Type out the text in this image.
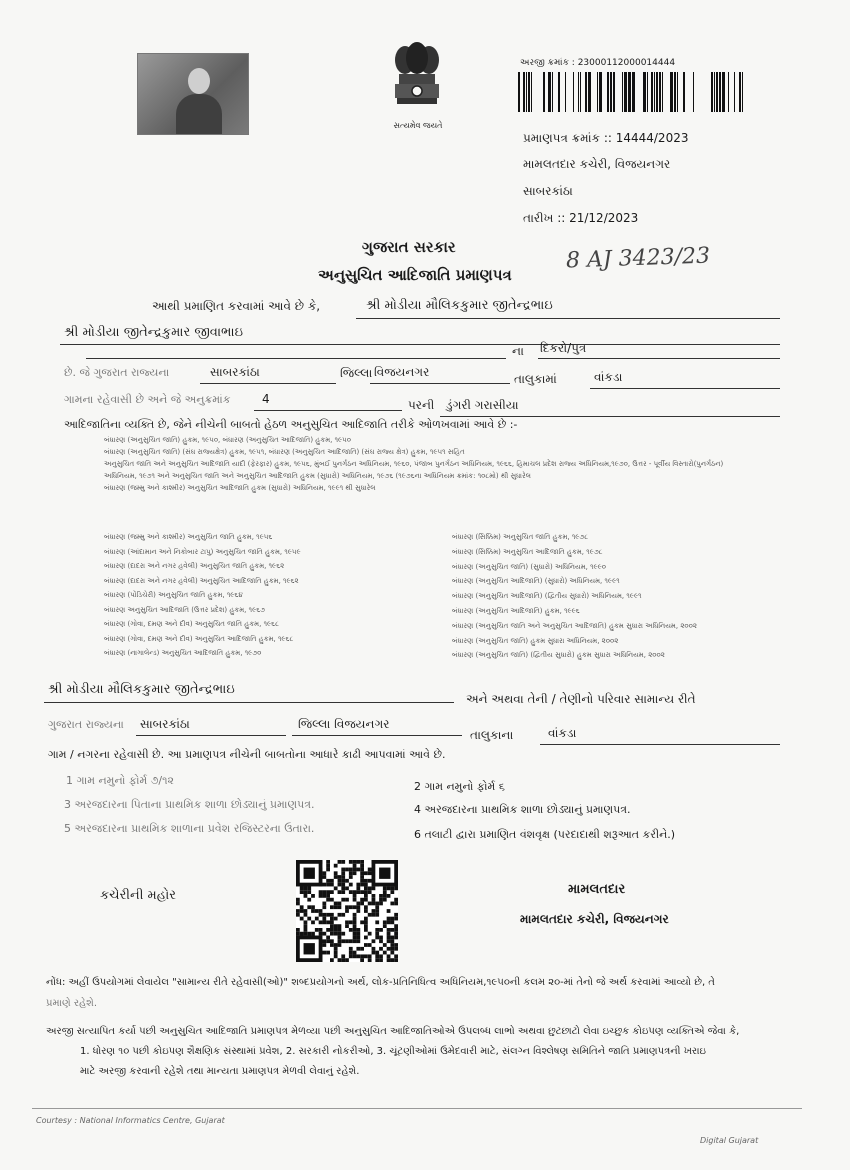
સત્યમેવ જયતે
અરજી ક્રમાંક : 23000112000014444
પ્રમાણપત્ર ક્રમાંક :: 14444/2023
મામલતદાર કચેરી, વિજયનગર
સાબરકાંઠા
તારીખ :: 21/12/2023
8 AJ 3423/23
ગુજરાત સરકાર
અનુસુચિત આદિજાતિ પ્રમાણપત્ર
આથી પ્રમાણિત કરવામાં આવે છે કે,	શ્રી મોડીયા મૌલિકકુમાર જીતેન્દ્રભાઇ
શ્રી મોડીયા જીતેન્દ્રકુમાર જીવાભાઇ
ના દિકરો/પુત્ર
છે. જે ગુજરાત રાજ્યના	સાબરકાંઠા	જિલ્લા વિજયનગર	તાલુકામાં	વાંકડા
ગામના રહેવાસી છે અને જે અનુક્રમાંક	4	પરની ડુંગરી ગરાસીયા
આદિજાતિના વ્યક્તિ છે, જેને નીચેની બાબતો હેઠળ અનુસુચિત આદિજાતિ તરીકે ઓળખવામાં આવે છે :-
બંધારણ (અનુસુચિત જાતિ) હુકમ, ૧૯૫૦, બંધારણ (અનુસુચિત આદિજાતિ) હુકમ, ૧૯૫૦
બંધારણ (અનુસુચિત જાતિ) (સંઘ રાજ્યક્ષેત્ર) હુકમ, ૧૯૫૧, બંધારણ (અનુસુચિત આદિજાતિ) (સંઘ રાજ્ય ક્ષેત્ર) હુકમ, ૧૯૫૧ સહિત
અનુસુચિત જાતિ અને અનુસુચિત આદિજાતિ યાદી (ફેરફાર) હુકમ, ૧૯૫૬, મુંબઈ પુનર્ગઠન અધિનિયમ, ૧૯૬૦, પંજાબ પુનર્ગઠન અધિનિયમ, ૧૯૬૬, હિમાચલ પ્રદેશ રાજ્ય અધિનિયમ,૧૯૭૦, ઉત્તર - પૂર્વીય વિસ્તારો(પુનર્ગઠન)
અધિનિયમ, ૧૯૭૧ અને અનુસુચિત જાતિ અને અનુસુચિત આદિજાતિ હુકમ (સુધારો) અધિનિયમ, ૧૯૭૬ (૧૯૭૬ના અધિનિયમ ક્રમાંક: ૧૦૮મો) થી સુધારેલ
બંધારણ (જમ્મુ અને કાશ્મીર) અનુસુચિત આદિજાતિ હુકમ (સુધારો) અધિનિયમ, ૧૯૯૧ થી સુધારેલ
બંધારણ (જમ્મુ અને કાશ્મીર) અનુસુચિત જાતિ હુકમ, ૧૯૫૬
બંધારણ (આંદામાન અને નિકોબાર ટાપુ) અનુસુચિત જાતિ હુકમ, ૧૯૫૯
બંધારણ (દાદરા અને નગર હવેલી) અનુસુચિત જાતિ હુકમ, ૧૯૬૨
બંધારણ (દાદરા અને નગર હવેલી) અનુસુચિત આદિજાતિ હુકમ, ૧૯૬૨
બંધારણ (પોંડિચેરી) અનુસુચિત જાતિ હુકમ, ૧૯૬૪
બંધારણ અનુસુચિત આદિજાતિ (ઉત્તર પ્રદેશ) હુકમ, ૧૯૬૭
બંધારણ (ગોવા, દમણ અને દીવ) અનુસુચિત જાતિ હુકમ, ૧૯૬૮
બંધારણ (ગોવા, દમણ અને દીવ) અનુસુચિત આદિજાતિ હુકમ, ૧૯૬૮
બંધારણ (નાગાલેન્ડ) અનુસુચિત આદિજાતિ હુકમ, ૧૯૭૦
બંધારણ (સિક્કિમ) અનુસુચિત જાતિ હુકમ, ૧૯૭૮
બંધારણ (સિક્કિમ) અનુસુચિત આદિજાતિ હુકમ, ૧૯૭૮
બંધારણ (અનુસુચિત જાતિ) (સુધારો) અધિનિયમ, ૧૯૯૦
બંધારણ (અનુસુચિત આદિજાતિ) (સુધારો) અધિનિયમ, ૧૯૯૧
બંધારણ (અનુસુચિત આદિજાતિ) (દ્વિતીય સુધારો) અધિનિયમ, ૧૯૯૧
બંધારણ (અનુસુચિત આદિજાતિ) હુકમ, ૧૯૯૬
બંધારણ (અનુસુચિત જાતિ અને અનુસુચિત આદિજાતિ) હુકમ સુધારા અધિનિયમ, ૨૦૦૨
બંધારણ (અનુસુચિત જાતિ) હુકમ સુધારા અધિનિયમ, ૨૦૦૨
બંધારણ (અનુસુચિત જાતિ) (દ્વિતીય સુધારો) હુકમ સુધારા અધિનિયમ, ૨૦૦૨
શ્રી મોડીયા મૌલિકકુમાર જીતેન્દ્રભાઇ
અને અથવા તેની / તેણીનો પરિવાર સામાન્ય રીતે
ગુજરાત રાજ્યના સાબરકાંઠા	જિલ્લા વિજયનગર
તાલુકાના	વાંકડા
ગામ / નગરના રહેવાસી છે. આ પ્રમાણપત્ર નીચેની બાબતોના આધારે કાઢી આપવામાં આવે છે.
1 ગામ નમુનો ફોર્મ ૭/૧૨	2 ગામ નમુનો ફોર્મ ૬
3 અરજદારના પિતાના પ્રાથમિક શાળા છોડ્યાનું પ્રમાણપત્ર.	4 અરજદારના પ્રાથમિક શાળા છોડ્યાનું પ્રમાણપત્ર.
5 અરજદારના પ્રાથમિક શાળાના પ્રવેશ રજિસ્ટરના ઉતારા.	6 તલાટી દ્વારા પ્રમાણિત વંશવૃક્ષ (પરદાદાથી શરૂઆત કરીને.)
કચેરીની મહોર	મામલતદાર
મામલતદાર કચેરી, વિજયનગર
નોંધ: અહીં ઉપયોગમાં લેવાયેલ "સામાન્ય રીતે રહેવાસી(ઓ)" શબ્દપ્રયોગનો અર્થ, લોક-પ્રતિનિધિત્વ અધિનિયમ,૧૯૫૦ની કલમ ૨૦-માં તેનો જે અર્થ કરવામાં આવ્યો છે, તે
પ્રમાણે રહેશે.
અરજી સત્યાપિત કર્યા પછી અનુસુચિત આદિજાતિ પ્રમાણપત્ર મેળવ્યા પછી અનુસુચિત આદિજાતિઓએ ઉપલબ્ધ લાભો અથવા છુટછાટો લેવા ઇચ્છુક કોઇપણ વ્યક્તિએ જેવા કે,
1. ધોરણ ૧૦ પછી કોઇપણ શૈક્ષણિક સંસ્થામાં પ્રવેશ, 2. સરકારી નોકરીઓ, 3. ચૂંટણીઓમાં ઉમેદવારી માટે, સંલગ્ન વિશ્લેષણ સમિતિને જાતિ પ્રમાણપત્રની ખરાઇ
માટે અરજી કરવાની રહેશે તથા માન્યતા પ્રમાણપત્ર મેળવી લેવાનું રહેશે.
Courtesy : National Informatics Centre, Gujarat
Digital Gujarat
